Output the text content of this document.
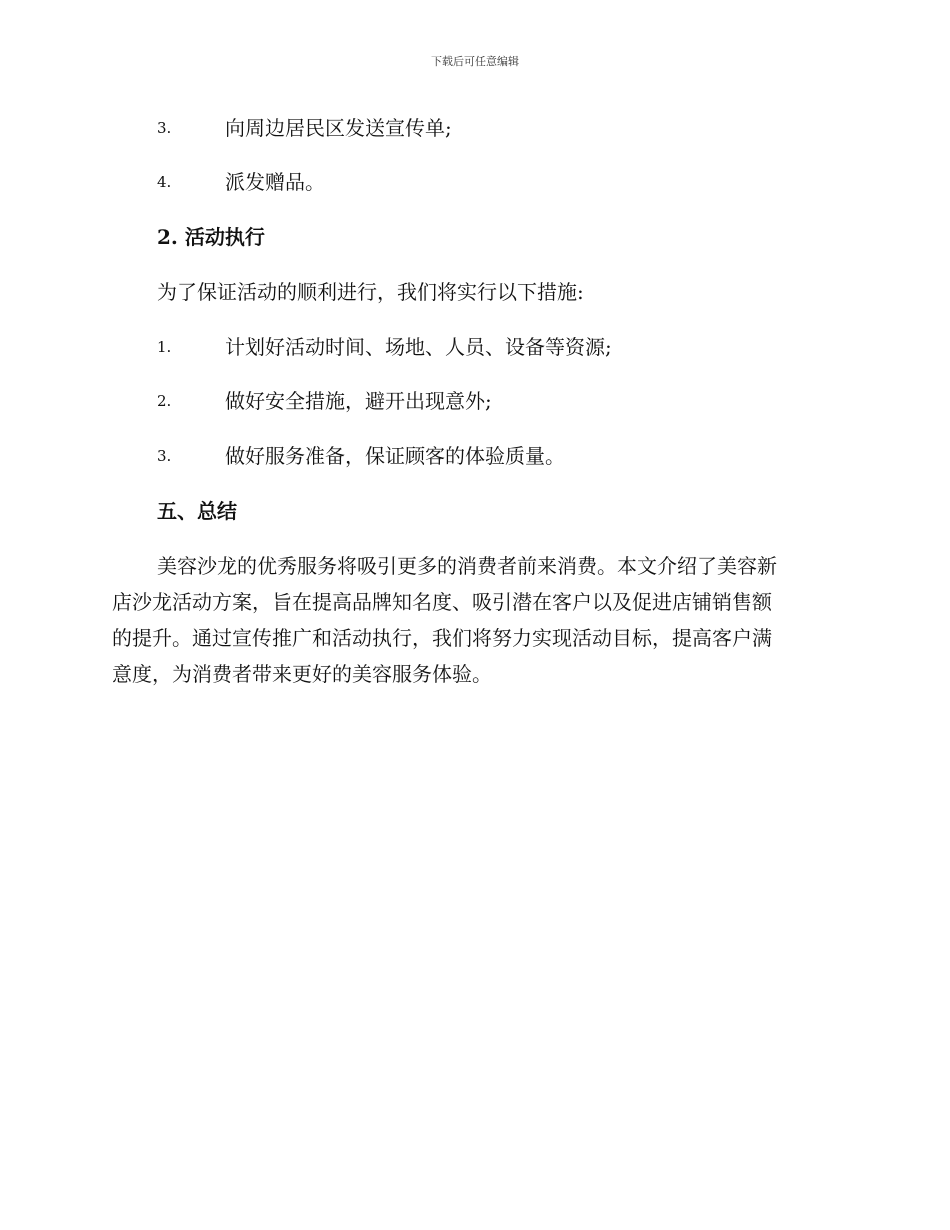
下载后可任意编辑
3.	向周边居民区发送宣传单;
4.	派发赠品。
2. 活动执行
为了保证活动的顺利进行，我们将实行以下措施:
1.	计划好活动时间、场地、人员、设备等资源;
2.	做好安全措施，避开出现意外;
3.	做好服务准备，保证顾客的体验质量。
五、总结
美容沙龙的优秀服务将吸引更多的消费者前来消费。本文介绍了美容新
店沙龙活动方案，旨在提高品牌知名度、吸引潜在客户以及促进店铺销售额
的提升。通过宣传推广和活动执行，我们将努力实现活动目标，提高客户满
意度，为消费者带来更好的美容服务体验。
